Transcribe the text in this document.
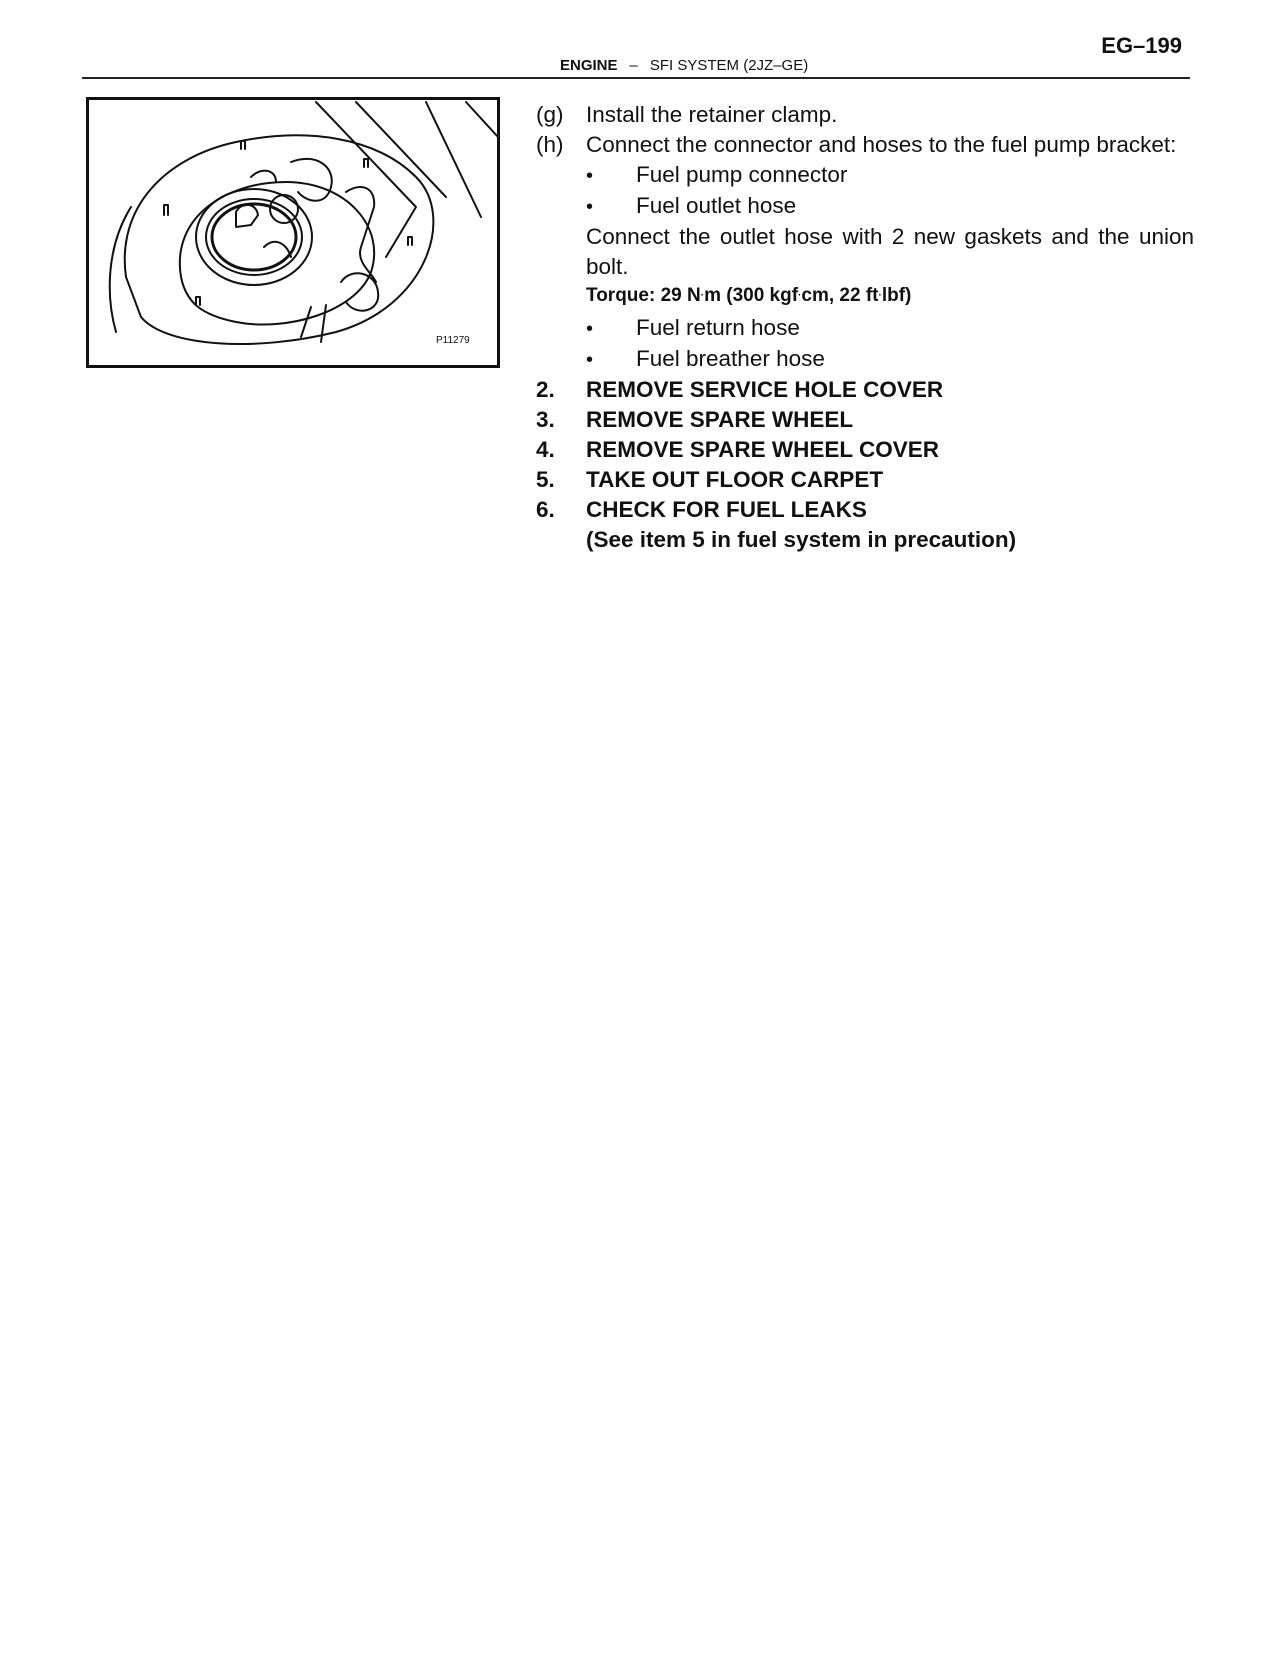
EG–199
ENGINE – SFI SYSTEM (2JZ–GE)
P11279
(g)	Install the retainer clamp.
(h)	Connect the connector and hoses to the fuel pump bracket:
•	Fuel pump connector
•	Fuel outlet hose
Connect the outlet hose with 2 new gaskets and the union bolt.
Torque: 29 $N_\cdot m$ (300 kgf$_\cdot$cm, 22 $ft_\cdot lbf$)
•	Fuel return hose
•	Fuel breather hose
2.	REMOVE SERVICE HOLE COVER
3.	REMOVE SPARE WHEEL
4.	REMOVE SPARE WHEEL COVER
5.	TAKE OUT FLOOR CARPET
6.	CHECK FOR FUEL LEAKS
(See item 5 in fuel system in precaution)
